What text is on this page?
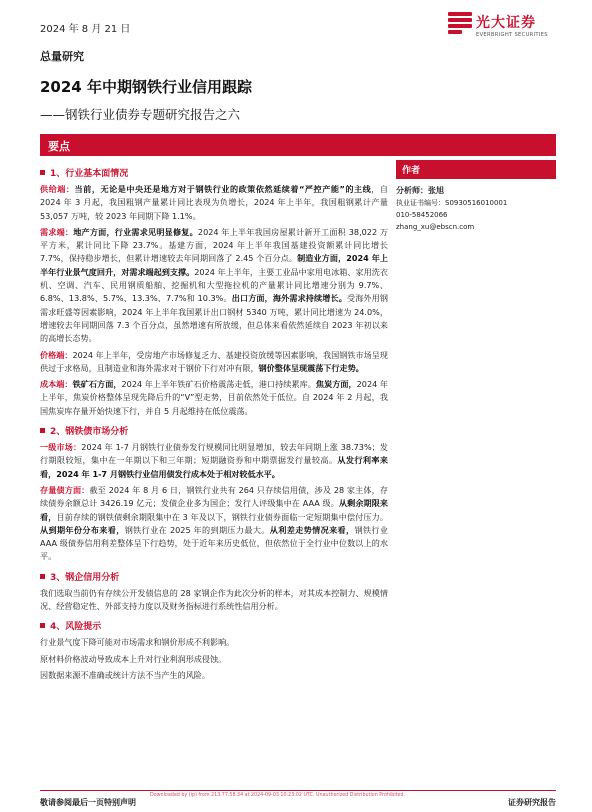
2024 年 8 月 21 日	光大证券
EVERBRIGHT SECURITIES
总量研究
2024 年中期钢铁行业信用跟踪
——钢铁行业债券专题研究报告之六
要点
1、行业基本面情况

供给端：当前，无论是中央还是地方对于钢铁行业的政策依然延续着“严控产能”的主线，自 2024 年 3 月起，我国粗钢产量累计同比表现为负增长，2024 年上半年，我国粗钢累计产量 53,057 万吨，较 2023 年同期下降 1.1%。

需求端：地产方面，行业需求见明显修复。2024 年上半年我国房屋累计新开工面积 38,022 万平方米，累计同比下降 23.7%。基建方面，2024 年上半年我国基建投资额累计同比增长 7.7%，保持稳步增长，但累计增速较去年同期回落了 2.45 个百分点。制造业方面，2024 年上半年行业景气度回升，对需求端起到支撑。2024 年上半年，主要工业品中家用电冰箱、家用洗衣机、空调、汽车、民用钢质船舶、挖掘机和大型拖拉机的产量累计同比增速分别为 9.7%、6.8%、13.8%、5.7%、13.3%、7.7%和 10.3%。出口方面，海外需求持续增长。受海外用钢需求旺盛等因素影响，2024 年上半年我国累计出口钢材 5340 万吨，累计同比增速为 24.0%，增速较去年同期回落 7.3 个百分点，虽然增速有所放缓，但总体来看依然延续自 2023 年初以来的高增长态势。

价格端：2024 年上半年，受房地产市场修复乏力、基建投资放缓等因素影响，我国钢铁市场呈现供过于求格局，且制造业和海外需求对于钢价下行对冲有限，钢价整体呈现震荡下行走势。

成本端：铁矿石方面，2024 年上半年铁矿石价格震荡走低，港口持续累库。焦炭方面，2024 年上半年，焦炭价格整体呈现先降后升的“V”型走势，目前依然处于低位。自 2024 年 2 月起，我国焦炭库存量开始快速下行，并自 5 月起维持在低位震荡。

2、钢铁债市场分析

一级市场：2024 年 1-7 月钢铁行业债券发行规模同比明显增加，较去年同期上涨 38.73%；发行期限较短，集中在一年期以下和三年期；短期融资券和中期票据发行量较高。从发行利率来看，2024 年 1-7 月钢铁行业信用债发行成本处于相对较低水平。

存量债方面：截至 2024 年 8 月 6 日，钢铁行业共有 264 只存续信用债，涉及 28 家主体，存续债券余额总计 3426.19 亿元；发债企业多为国企；发行人评级集中在 AAA 级。从剩余期限来看，目前存续的钢铁债剩余期限集中在 3 年及以下，钢铁行业债券面临一定短期集中偿付压力。从到期年份分布来看，钢铁行业在 2025 年的到期压力最大。从利差走势情况来看，钢铁行业 AAA 级债券信用利差整体呈下行趋势，处于近年来历史低位，但依然位于全行业中位数以上的水平。

3、钢企信用分析

我们选取当前仍有存续公开发债信息的 28 家钢企作为此次分析的样本，对其成本控制力、规模情况、经营稳定性、外部支持力度以及财务指标进行系统性信用分析。

4、风险提示

行业景气度下降可能对市场需求和钢价形成不利影响。

原材料价格波动导致成本上升对行业利润形成侵蚀。

因数据来源不准确或统计方法不当产生的风险。

作者
分析师：张旭
执业证书编号：S0930516010001
010-58452066
zhang_xu@ebscn.com
敬请参阅最后一页特别声明
Downloaded by (ip) from 213.77.58.34 at 2024-09-03 10:23:02 UTC. Unauthorized Distribution Prohibited.
证券研究报告
